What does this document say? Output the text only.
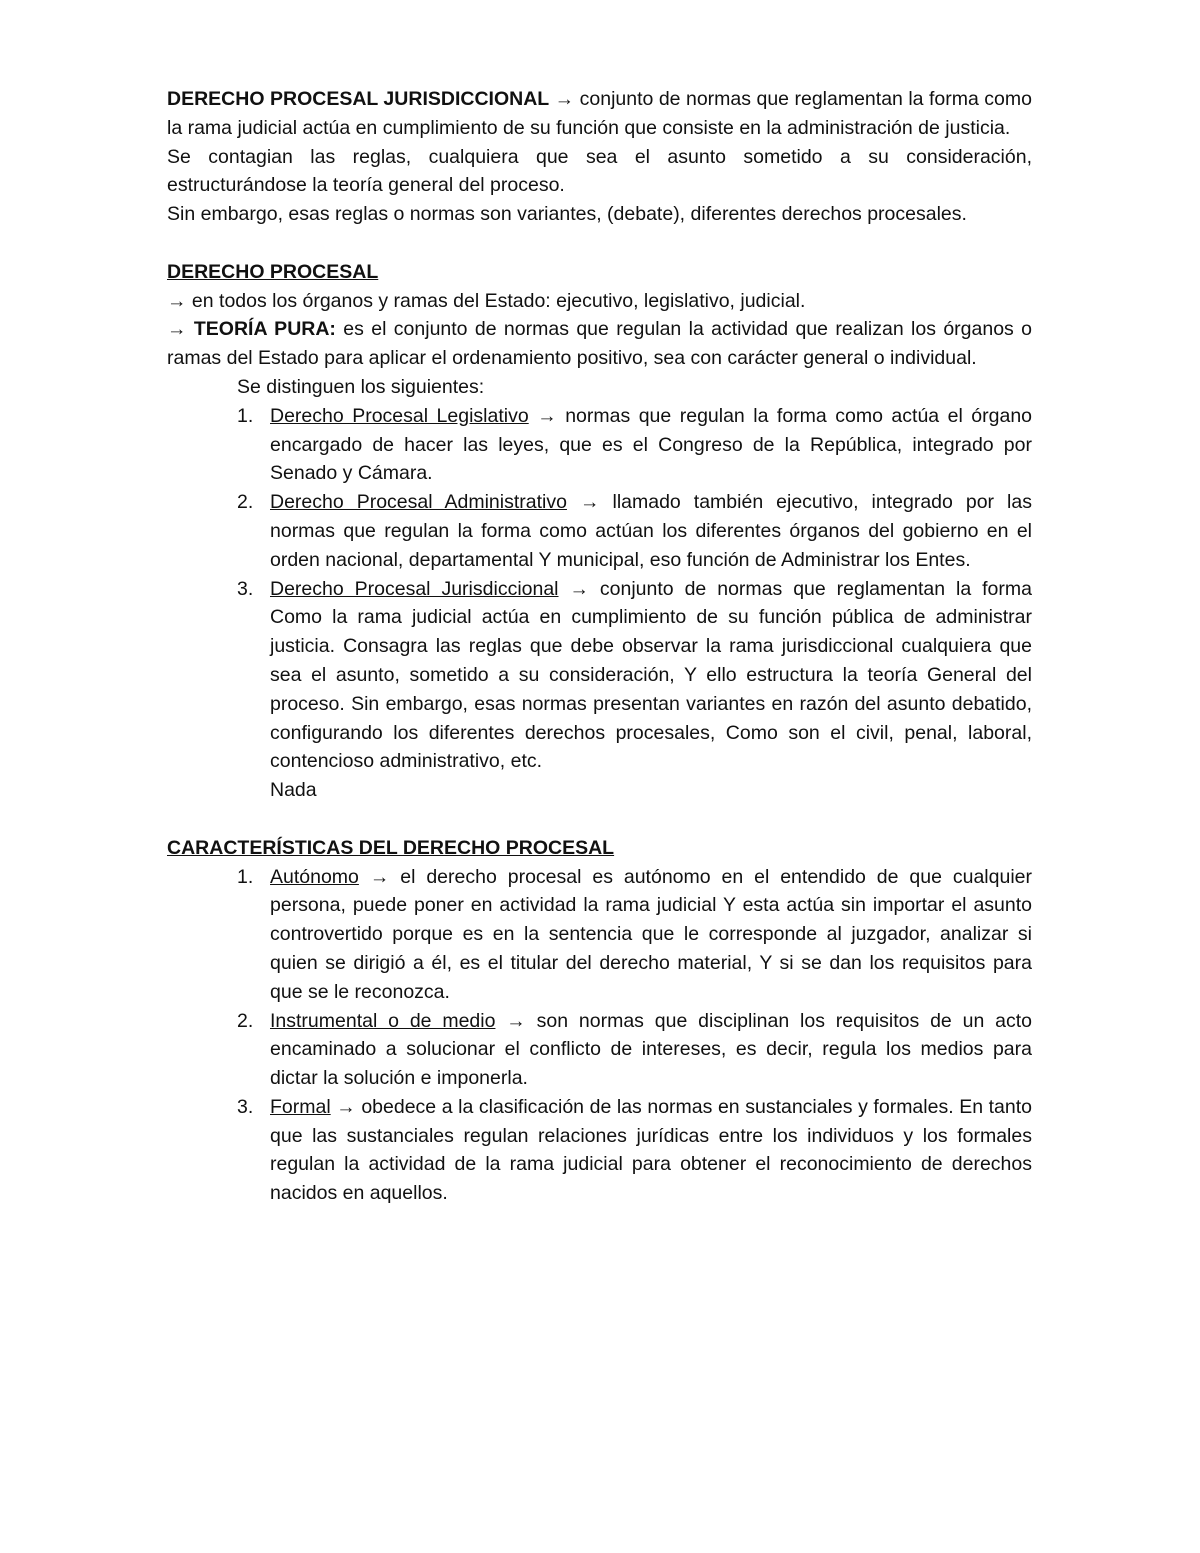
DERECHO PROCESAL JURISDICCIONAL → conjunto de normas que reglamentan la forma como la rama judicial actúa en cumplimiento de su función que consiste en la administración de justicia.

Se contagian las reglas, cualquiera que sea el asunto sometido a su consideración, estructurándose la teoría general del proceso.

Sin embargo, esas reglas o normas son variantes, (debate), diferentes derechos procesales.

DERECHO PROCESAL

→ en todos los órganos y ramas del Estado: ejecutivo, legislativo, judicial.

→ TEORÍA PURA: es el conjunto de normas que regulan la actividad que realizan los órganos o ramas del Estado para aplicar el ordenamiento positivo, sea con carácter general o individual.

Se distinguen los siguientes:

1. Derecho Procesal Legislativo → normas que regulan la forma como actúa el órgano encargado de hacer las leyes, que es el Congreso de la República, integrado por Senado y Cámara.
2. Derecho Procesal Administrativo → llamado también ejecutivo, integrado por las normas que regulan la forma como actúan los diferentes órganos del gobierno en el orden nacional, departamental Y municipal, eso función de Administrar los Entes.
3. Derecho Procesal Jurisdiccional → conjunto de normas que reglamentan la forma Como la rama judicial actúa en cumplimiento de su función pública de administrar justicia. Consagra las reglas que debe observar la rama jurisdiccional cualquiera que sea el asunto, sometido a su consideración, Y ello estructura la teoría General del proceso. Sin embargo, esas normas presentan variantes en razón del asunto debatido, configurando los diferentes derechos procesales, Como son el civil, penal, laboral, contencioso administrativo, etc.
Nada

CARACTERÍSTICAS DEL DERECHO PROCESAL

1. Autónomo → el derecho procesal es autónomo en el entendido de que cualquier persona, puede poner en actividad la rama judicial Y esta actúa sin importar el asunto controvertido porque es en la sentencia que le corresponde al juzgador, analizar si quien se dirigió a él, es el titular del derecho material, Y si se dan los requisitos para que se le reconozca.
2. Instrumental o de medio → son normas que disciplinan los requisitos de un acto encaminado a solucionar el conflicto de intereses, es decir, regula los medios para dictar la solución e imponerla.
3. Formal → obedece a la clasificación de las normas en sustanciales y formales. En tanto que las sustanciales regulan relaciones jurídicas entre los individuos y los formales regulan la actividad de la rama judicial para obtener el reconocimiento de derechos nacidos en aquellos.
